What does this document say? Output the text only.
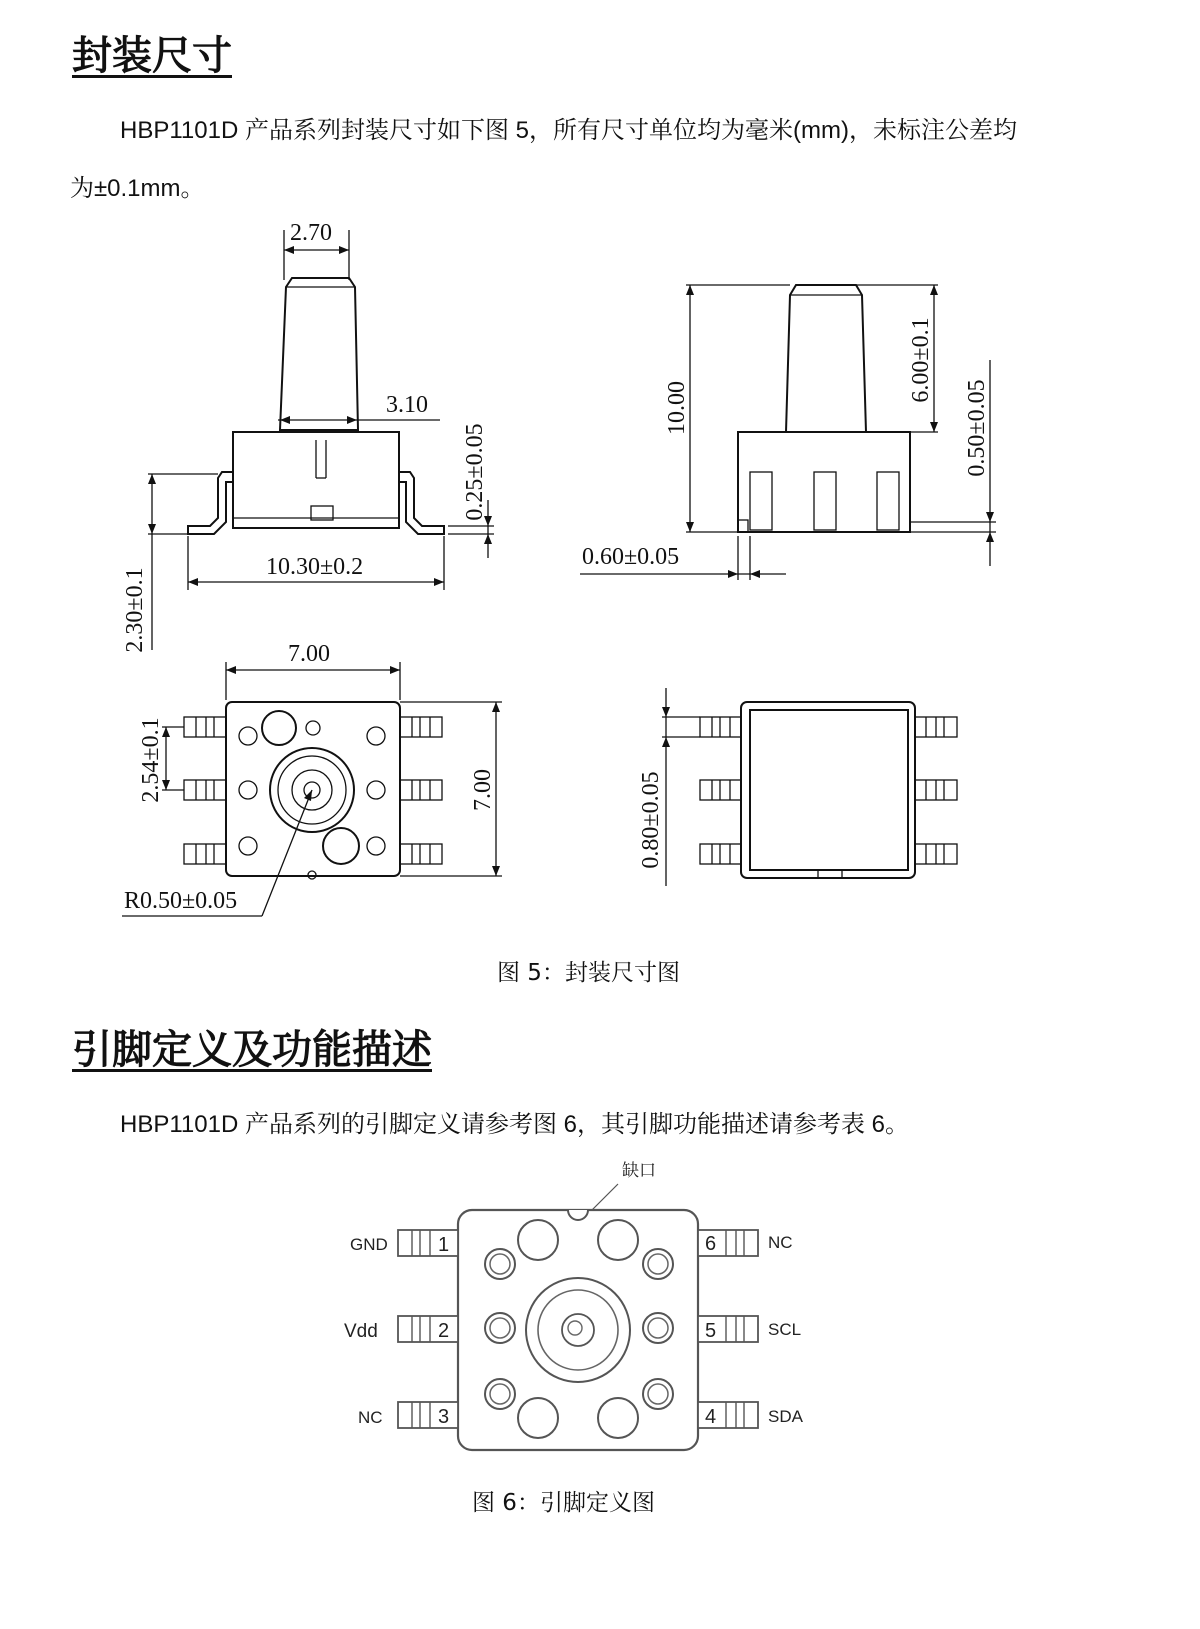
封装尺寸
HBP1101D 产品系列封装尺寸如下图 5，所有尺寸单位均为毫米(mm)，未标注公差均
为±0.1mm。
2.70
3.10
10.30±0.2
0.25±0.05
2.30±0.1
10.00
6.00±0.1
0.50±0.05
0.60±0.05
7.00
7.00
2.54±0.1
R0.50±0.05
0.80±0.05
图 5：封装尺寸图
引脚定义及功能描述
HBP1101D 产品系列的引脚定义请参考图 6，其引脚功能描述请参考表 6。
缺口
1
GND
2
Vdd
3
NC
6	NC
5	SCL
4	SDA
图 6：引脚定义图
